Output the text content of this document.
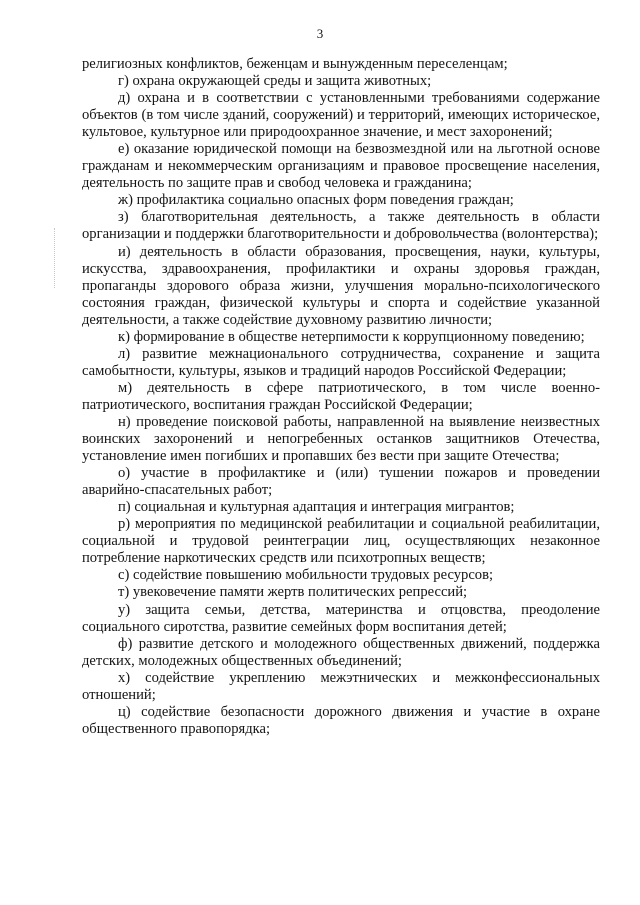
3

религиозных конфликтов, беженцам и вынужденным переселенцам;

г) охрана окружающей среды и защита животных;

д) охрана и в соответствии с установленными требованиями содержание объектов (в том числе зданий, сооружений) и территорий, имеющих историческое, культовое, культурное или природоохранное значение, и мест захоронений;

е) оказание юридической помощи на безвозмездной или на льготной основе гражданам и некоммерческим организациям и правовое просвещение населения, деятельность по защите прав и свобод человека и гражданина;

ж) профилактика социально опасных форм поведения граждан;

з) благотворительная деятельность, а также деятельность в области организации и поддержки благотворительности и добровольчества (волонтерства);

и) деятельность в области образования, просвещения, науки, культуры, искусства, здравоохранения, профилактики и охраны здоровья граждан, пропаганды здорового образа жизни, улучшения морально-психологического состояния граждан, физической культуры и спорта и содействие указанной деятельности, а также содействие духовному развитию личности;

к) формирование в обществе нетерпимости к коррупционному поведению;

л) развитие межнационального сотрудничества, сохранение и защита самобытности, культуры, языков и традиций народов Российской Федерации;

м) деятельность в сфере патриотического, в том числе военно-патриотического, воспитания граждан Российской Федерации;

н) проведение поисковой работы, направленной на выявление неизвестных воинских захоронений и непогребенных останков защитников Отечества, установление имен погибших и пропавших без вести при защите Отечества;

о) участие в профилактике и (или) тушении пожаров и проведении аварийно-спасательных работ;

п) социальная и культурная адаптация и интеграция мигрантов;

р) мероприятия по медицинской реабилитации и социальной реабилитации, социальной и трудовой реинтеграции лиц, осуществляющих незаконное потребление наркотических средств или психотропных веществ;

с) содействие повышению мобильности трудовых ресурсов;

т) увековечение памяти жертв политических репрессий;

у) защита семьи, детства, материнства и отцовства, преодоление социального сиротства, развитие семейных форм воспитания детей;

ф) развитие детского и молодежного общественных движений, поддержка детских, молодежных общественных объединений;

х) содействие укреплению межэтнических и межконфессиональных отношений;

ц) содействие безопасности дорожного движения и участие в охране общественного правопорядка;
